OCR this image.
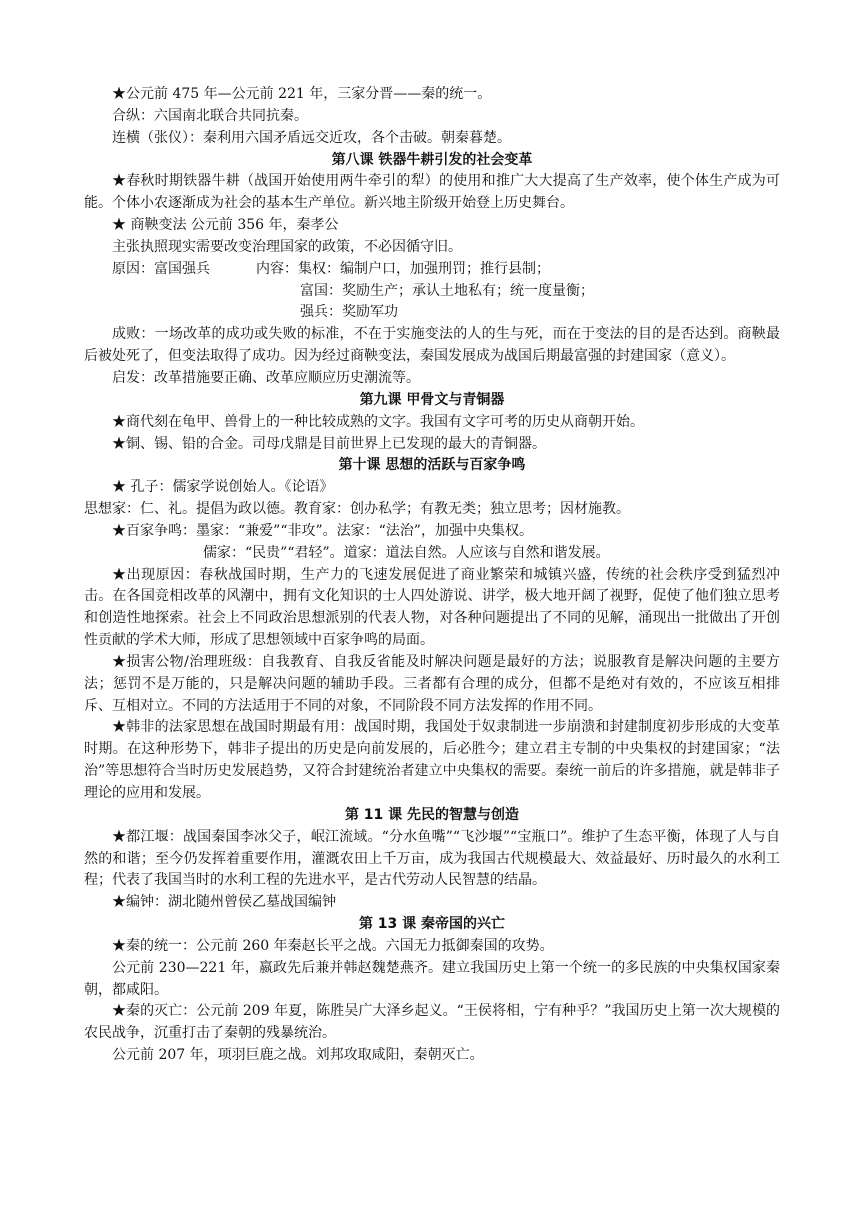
★公元前 475 年—公元前 221 年，三家分晋——秦的统一。

合纵：六国南北联合共同抗秦。

连横（张仪）：秦利用六国矛盾远交近攻，各个击破。朝秦暮楚。

第八课 铁器牛耕引发的社会变革

★春秋时期铁器牛耕（战国开始使用两牛牵引的犁）的使用和推广大大提高了生产效率，使个体生产成为可能。个体小农逐渐成为社会的基本生产单位。新兴地主阶级开始登上历史舞台。

★ 商鞅变法 公元前 356 年，秦孝公

主张执照现实需要改变治理国家的政策，不必因循守旧。

原因：富国强兵	内容：集权：编制户口，加强刑罚；推行县制；

富国：奖励生产；承认土地私有；统一度量衡；

强兵：奖励军功

成败：一场改革的成功或失败的标准，不在于实施变法的人的生与死，而在于变法的目的是否达到。商鞅最后被处死了，但变法取得了成功。因为经过商鞅变法，秦国发展成为战国后期最富强的封建国家（意义）。

启发：改革措施要正确、改革应顺应历史潮流等。

第九课 甲骨文与青铜器

★商代刻在龟甲、兽骨上的一种比较成熟的文字。我国有文字可考的历史从商朝开始。

★铜、锡、铅的合金。司母戊鼎是目前世界上已发现的最大的青铜器。

第十课 思想的活跃与百家争鸣

★ 孔子：儒家学说创始人。《论语》

思想家：仁、礼。提倡为政以德。教育家：创办私学；有教无类；独立思考；因材施教。

★百家争鸣：墨家：“兼爱”“非攻”。法家：“法治”，加强中央集权。

儒家：“民贵”“君轻”。道家：道法自然。人应该与自然和谐发展。

★出现原因：春秋战国时期，生产力的飞速发展促进了商业繁荣和城镇兴盛，传统的社会秩序受到猛烈冲击。在各国竞相改革的风潮中，拥有文化知识的士人四处游说、讲学，极大地开阔了视野，促使了他们独立思考和创造性地探索。社会上不同政治思想派别的代表人物，对各种问题提出了不同的见解，涌现出一批做出了开创性贡献的学术大师，形成了思想领域中百家争鸣的局面。

★损害公物/治理班级：自我教育、自我反省能及时解决问题是最好的方法；说服教育是解决问题的主要方法；惩罚不是万能的，只是解决问题的辅助手段。三者都有合理的成分，但都不是绝对有效的，不应该互相排斥、互相对立。不同的方法适用于不同的对象，不同阶段不同方法发挥的作用不同。

★韩非的法家思想在战国时期最有用：战国时期，我国处于奴隶制进一步崩溃和封建制度初步形成的大变革时期。在这种形势下，韩非子提出的历史是向前发展的，后必胜今；建立君主专制的中央集权的封建国家；“法治”等思想符合当时历史发展趋势，又符合封建统治者建立中央集权的需要。秦统一前后的许多措施，就是韩非子理论的应用和发展。

第 11 课 先民的智慧与创造

★都江堰：战国秦国李冰父子，岷江流域。“分水鱼嘴”“飞沙堰”“宝瓶口”。维护了生态平衡，体现了人与自然的和谐；至今仍发挥着重要作用，灌溉农田上千万亩，成为我国古代规模最大、效益最好、历时最久的水利工程；代表了我国当时的水利工程的先进水平，是古代劳动人民智慧的结晶。

★编钟：湖北随州曾侯乙墓战国编钟

第 13 课 秦帝国的兴亡

★秦的统一：公元前 260 年秦赵长平之战。六国无力抵御秦国的攻势。

公元前 230—221 年，嬴政先后兼并韩赵魏楚燕齐。建立我国历史上第一个统一的多民族的中央集权国家秦朝，都咸阳。

★秦的灭亡：公元前 209 年夏，陈胜吴广大泽乡起义。“王侯将相，宁有种乎？”我国历史上第一次大规模的农民战争，沉重打击了秦朝的残暴统治。

公元前 207 年，项羽巨鹿之战。刘邦攻取咸阳，秦朝灭亡。
